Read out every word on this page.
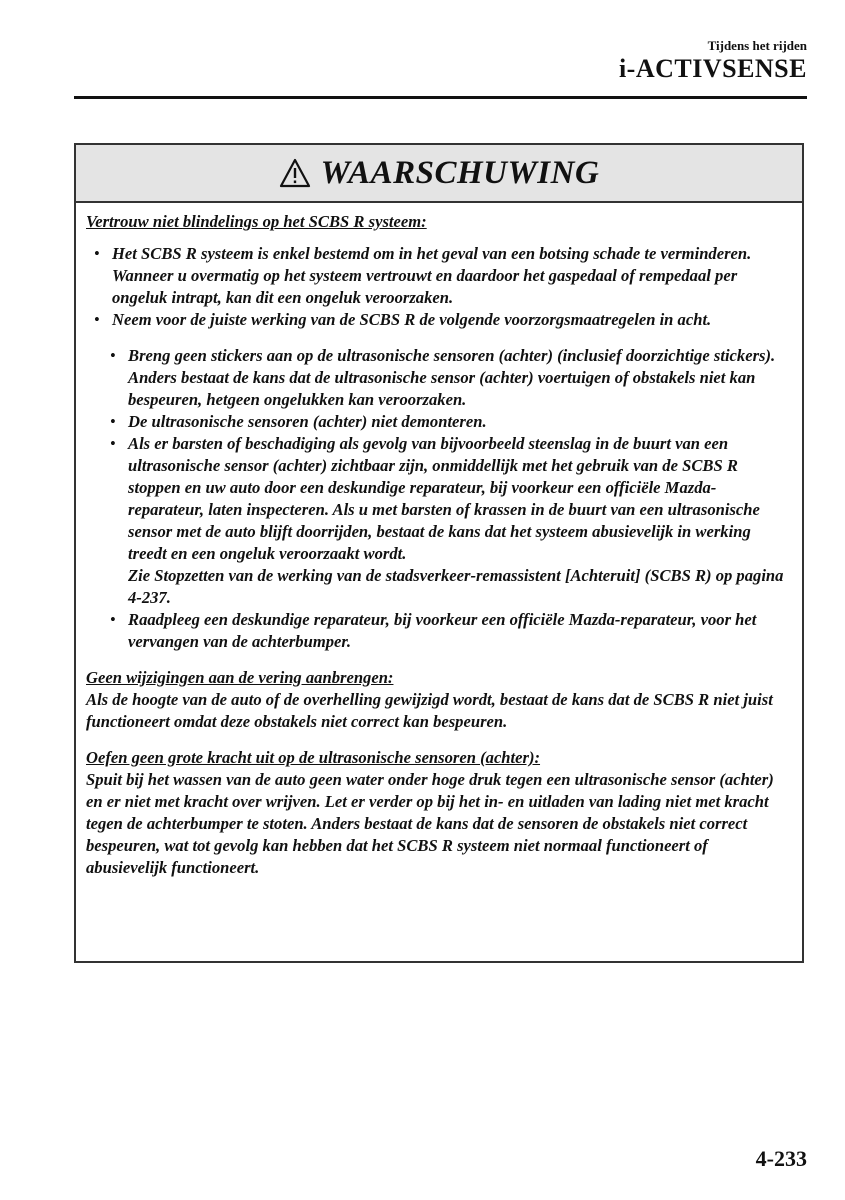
Tijdens het rijden
i-ACTIVSENSE
WAARSCHUWING

Vertrouw niet blindelings op het SCBS R systeem:

• Het SCBS R systeem is enkel bestemd om in het geval van een botsing schade te verminderen. Wanneer u overmatig op het systeem vertrouwt en daardoor het gaspedaal of rempedaal per ongeluk intrapt, kan dit een ongeluk veroorzaken.
• Neem voor de juiste werking van de SCBS R de volgende voorzorgsmaatregelen in acht.
• Breng geen stickers aan op de ultrasonische sensoren (achter) (inclusief doorzichtige stickers). Anders bestaat de kans dat de ultrasonische sensor (achter) voertuigen of obstakels niet kan bespeuren, hetgeen ongelukken kan veroorzaken.
• De ultrasonische sensoren (achter) niet demonteren.
• Als er barsten of beschadiging als gevolg van bijvoorbeeld steenslag in de buurt van een ultrasonische sensor (achter) zichtbaar zijn, onmiddellijk met het gebruik van de SCBS R stoppen en uw auto door een deskundige reparateur, bij voorkeur een officiële Mazda-reparateur, laten inspecteren. Als u met barsten of krassen in de buurt van een ultrasonische sensor met de auto blijft doorrijden, bestaat de kans dat het systeem abusievelijk in werking treedt en een ongeluk veroorzaakt wordt.

Zie Stopzetten van de werking van de stadsverkeer-remassistent [Achteruit] (SCBS R) op pagina 4-237.

• Raadpleeg een deskundige reparateur, bij voorkeur een officiële Mazda-reparateur, voor het vervangen van de achterbumper.

Geen wijzigingen aan de vering aanbrengen:

Als de hoogte van de auto of de overhelling gewijzigd wordt, bestaat de kans dat de SCBS R niet juist functioneert omdat deze obstakels niet correct kan bespeuren.

Oefen geen grote kracht uit op de ultrasonische sensoren (achter):

Spuit bij het wassen van de auto geen water onder hoge druk tegen een ultrasonische sensor (achter) en er niet met kracht over wrijven. Let er verder op bij het in- en uitladen van lading niet met kracht tegen de achterbumper te stoten. Anders bestaat de kans dat de sensoren de obstakels niet correct bespeuren, wat tot gevolg kan hebben dat het SCBS R systeem niet normaal functioneert of abusievelijk functioneert.

4-233
